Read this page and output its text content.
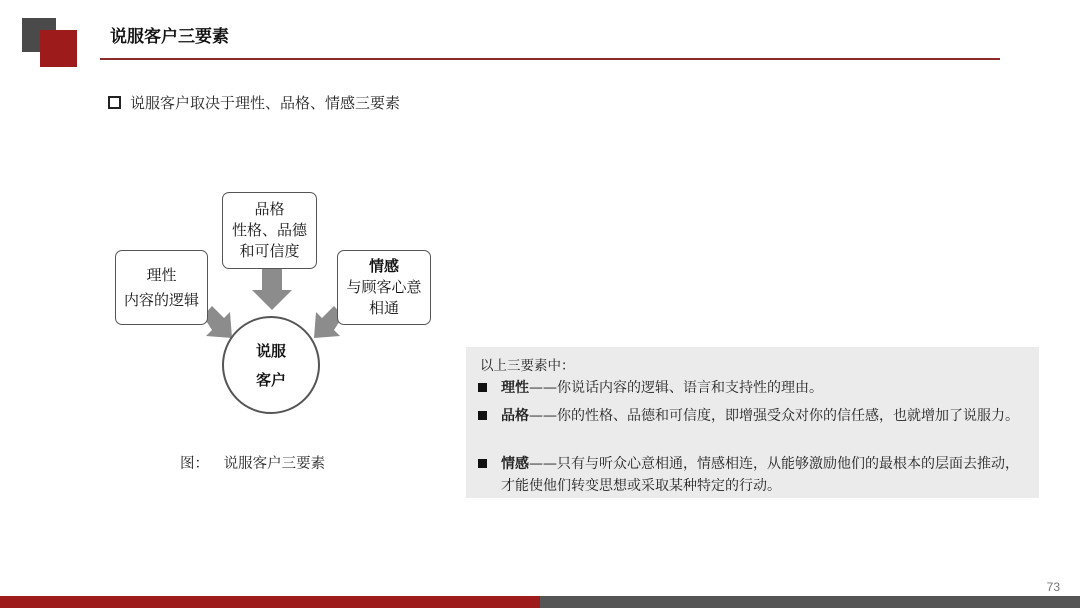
说服客户三要素
说服客户取决于理性、品格、情感三要素
理性
内容的逻辑
品格
性格、品德
和可信度
情感
与顾客心意
相通
说服
客户
图： 说服客户三要素
以上三要素中：
理性——你说话内容的逻辑、语言和支持性的理由。
品格——你的性格、品德和可信度，即增强受众对你的信任感，也就增加了说服力。
情感——只有与听众心意相通，情感相连，从能够激励他们的最根本的层面去推动，才能使他们转变思想或采取某种特定的行动。
73
